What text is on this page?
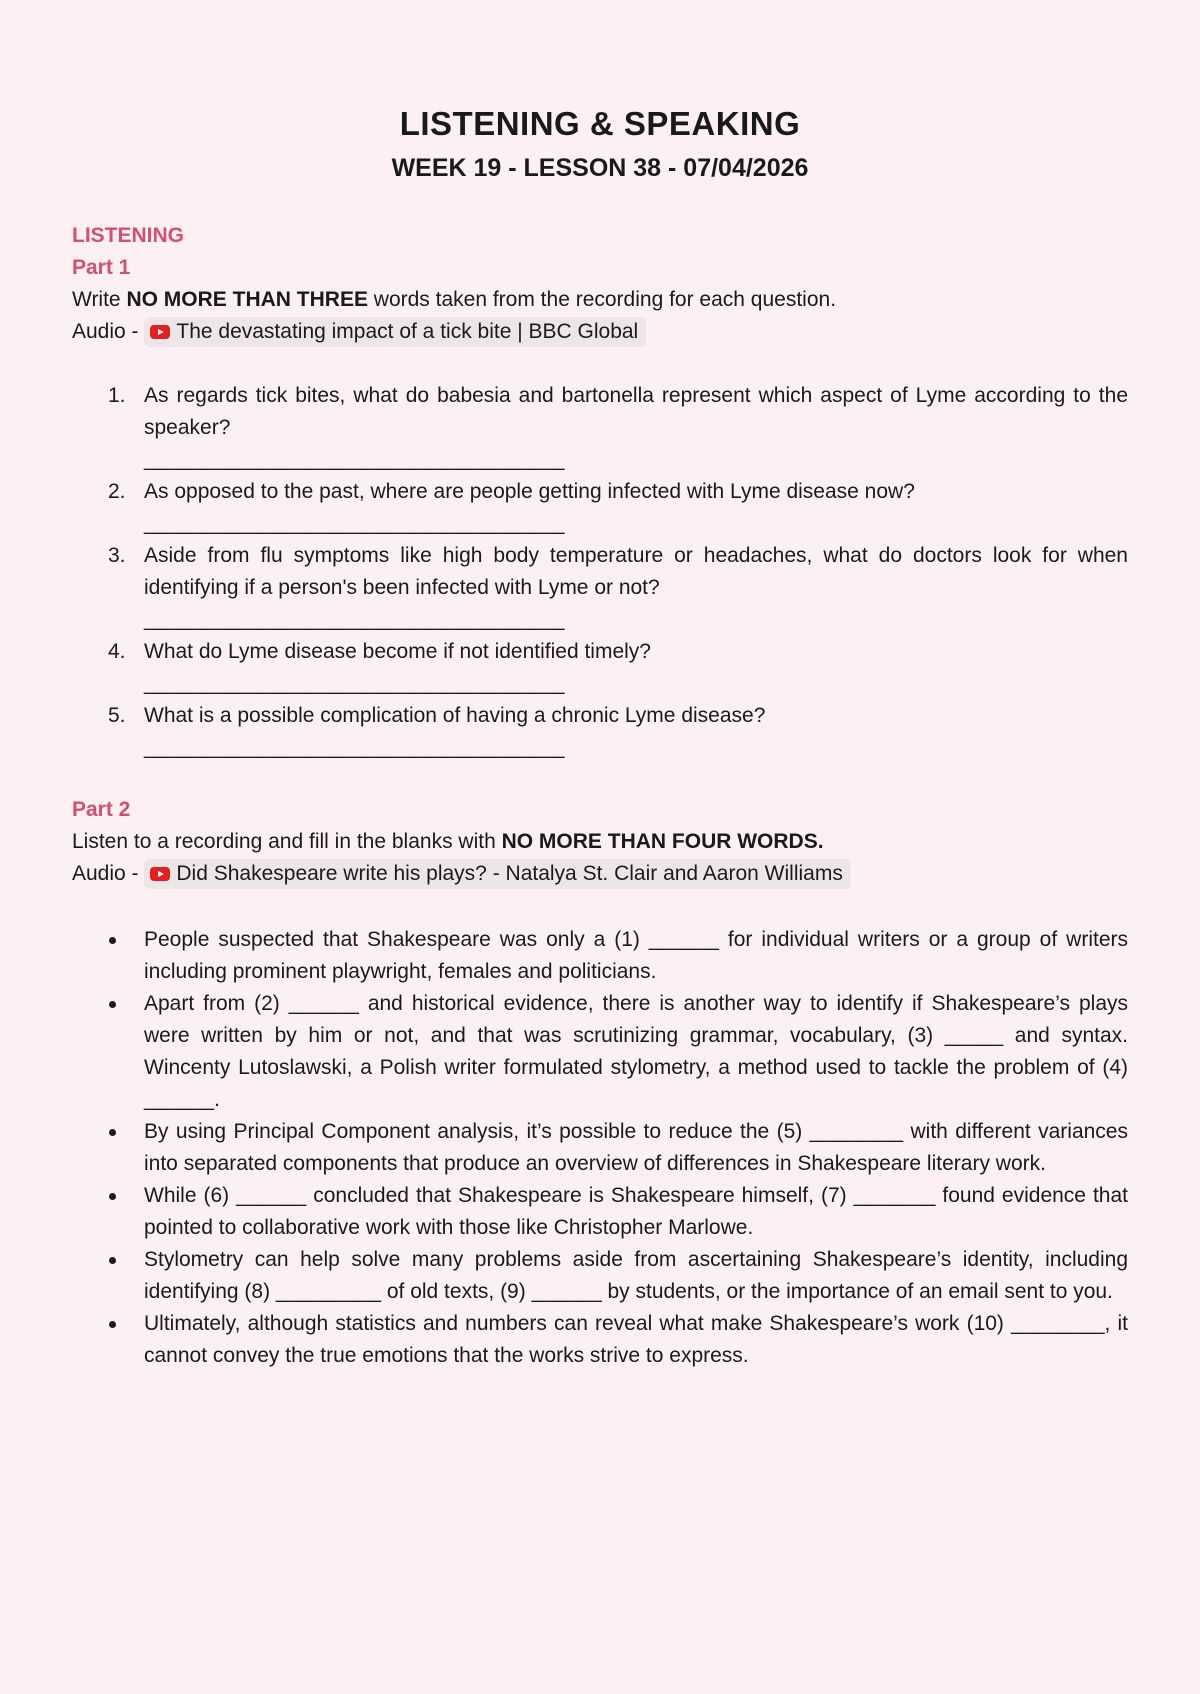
LISTENING & SPEAKING
WEEK 19 - LESSON 38 - 07/04/2026
LISTENING
Part 1
Write NO MORE THAN THREE words taken from the recording for each question.
Audio - The devastating impact of a tick bite | BBC Global
1. As regards tick bites, what do babesia and bartonella represent which aspect of Lyme according to the speaker?
____________________________________
2. As opposed to the past, where are people getting infected with Lyme disease now?
____________________________________
3. Aside from flu symptoms like high body temperature or headaches, what do doctors look for when identifying if a person's been infected with Lyme or not?
____________________________________
4. What do Lyme disease become if not identified timely?
____________________________________
5. What is a possible complication of having a chronic Lyme disease?
____________________________________
Part 2
Listen to a recording and fill in the blanks with NO MORE THAN FOUR WORDS.
Audio - Did Shakespeare write his plays? - Natalya St. Clair and Aaron Williams
People suspected that Shakespeare was only a (1) ______ for individual writers or a group of writers including prominent playwright, females and politicians.
Apart from (2) ______ and historical evidence, there is another way to identify if Shakespeare’s plays were written by him or not, and that was scrutinizing grammar, vocabulary, (3) _____ and syntax. Wincenty Lutoslawski, a Polish writer formulated stylometry, a method used to tackle the problem of (4) ______.
By using Principal Component analysis, it’s possible to reduce the (5) ________ with different variances into separated components that produce an overview of differences in Shakespeare literary work.
While (6) ______ concluded that Shakespeare is Shakespeare himself, (7) _______ found evidence that pointed to collaborative work with those like Christopher Marlowe.
Stylometry can help solve many problems aside from ascertaining Shakespeare’s identity, including identifying (8) _________ of old texts, (9) ______ by students, or the importance of an email sent to you.
Ultimately, although statistics and numbers can reveal what make Shakespeare’s work (10) ________, it cannot convey the true emotions that the works strive to express.
